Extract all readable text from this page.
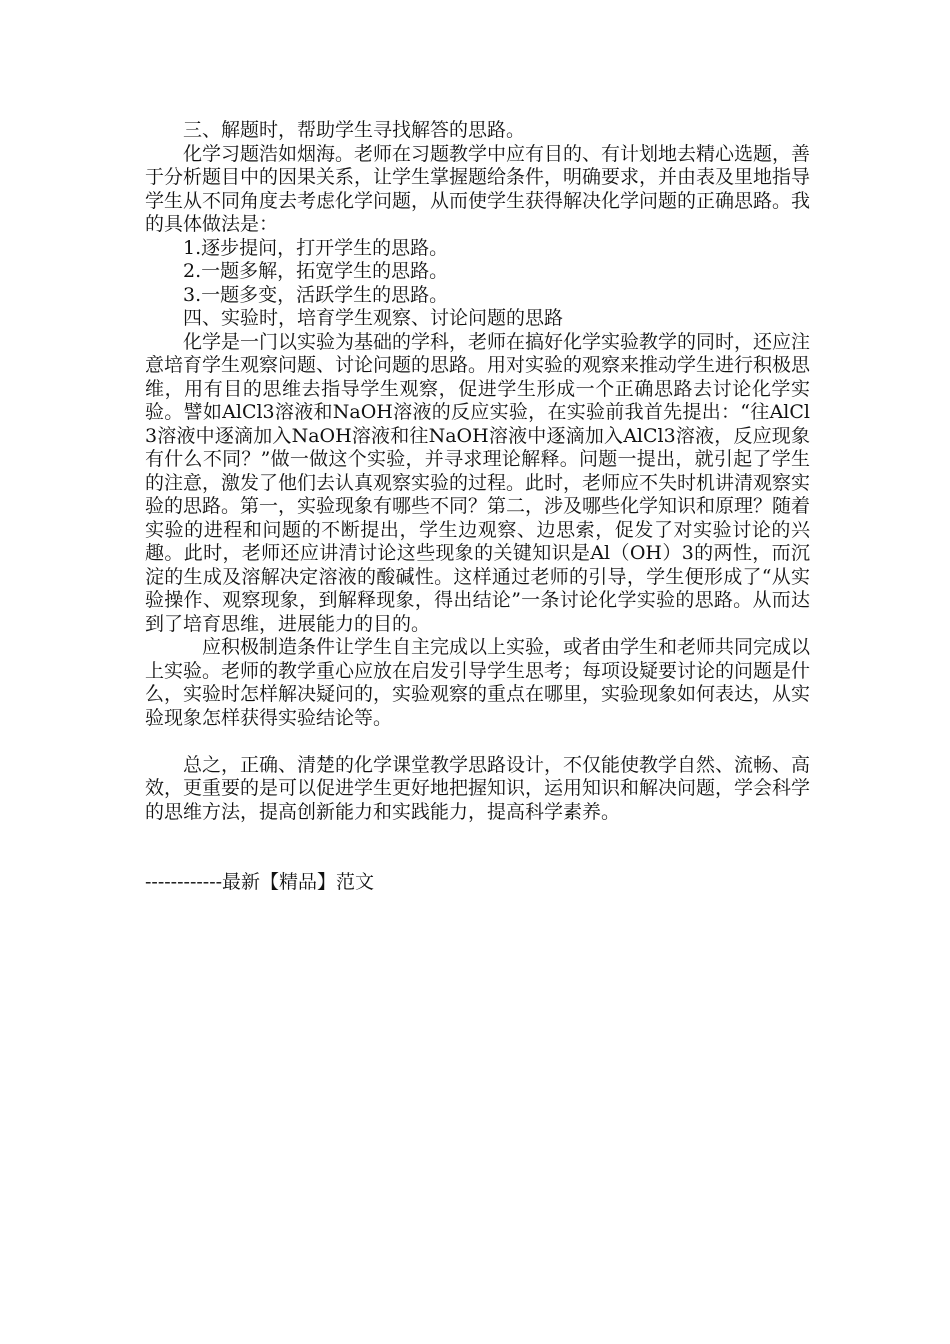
三、解题时，帮助学生寻找解答的思路。

化学习题浩如烟海。老师在习题教学中应有目的、有计划地去精心选题，善于分析题目中的因果关系，让学生掌握题给条件，明确要求，并由表及里地指导学生从不同角度去考虑化学问题，从而使学生获得解决化学问题的正确思路。我的具体做法是：

1.逐步提问，打开学生的思路。

2.一题多解，拓宽学生的思路。

3.一题多变，活跃学生的思路。

四、实验时，培育学生观察、讨论问题的思路

化学是一门以实验为基础的学科，老师在搞好化学实验教学的同时，还应注意培育学生观察问题、讨论问题的思路。用对实验的观察来推动学生进行积极思维，用有目的思维去指导学生观察，促进学生形成一个正确思路去讨论化学实验。譬如AlCl3溶液和NaOH溶液的反应实验，在实验前我首先提出：“往AlCl3溶液中逐滴加入NaOH溶液和往NaOH溶液中逐滴加入AlCl3溶液，反应现象有什么不同？”做一做这个实验，并寻求理论解释。问题一提出，就引起了学生的注意，激发了他们去认真观察实验的过程。此时，老师应不失时机讲清观察实验的思路。第一，实验现象有哪些不同？第二，涉及哪些化学知识和原理？随着实验的进程和问题的不断提出，学生边观察、边思索，促发了对实验讨论的兴趣。此时，老师还应讲清讨论这些现象的关键知识是Al（OH）3的两性，而沉淀的生成及溶解决定溶液的酸碱性。这样通过老师的引导，学生便形成了“从实验操作、观察现象，到解释现象，得出结论”一条讨论化学实验的思路。从而达到了培育思维，进展能力的目的。

应积极制造条件让学生自主完成以上实验，或者由学生和老师共同完成以上实验。老师的教学重心应放在启发引导学生思考；每项设疑要讨论的问题是什么，实验时怎样解决疑问的，实验观察的重点在哪里，实验现象如何表达，从实验现象怎样获得实验结论等。

总之，正确、清楚的化学课堂教学思路设计，不仅能使教学自然、流畅、高效，更重要的是可以促进学生更好地把握知识，运用知识和解决问题，学会科学的思维方法，提高创新能力和实践能力，提高科学素养。

------------最新【精品】范文
